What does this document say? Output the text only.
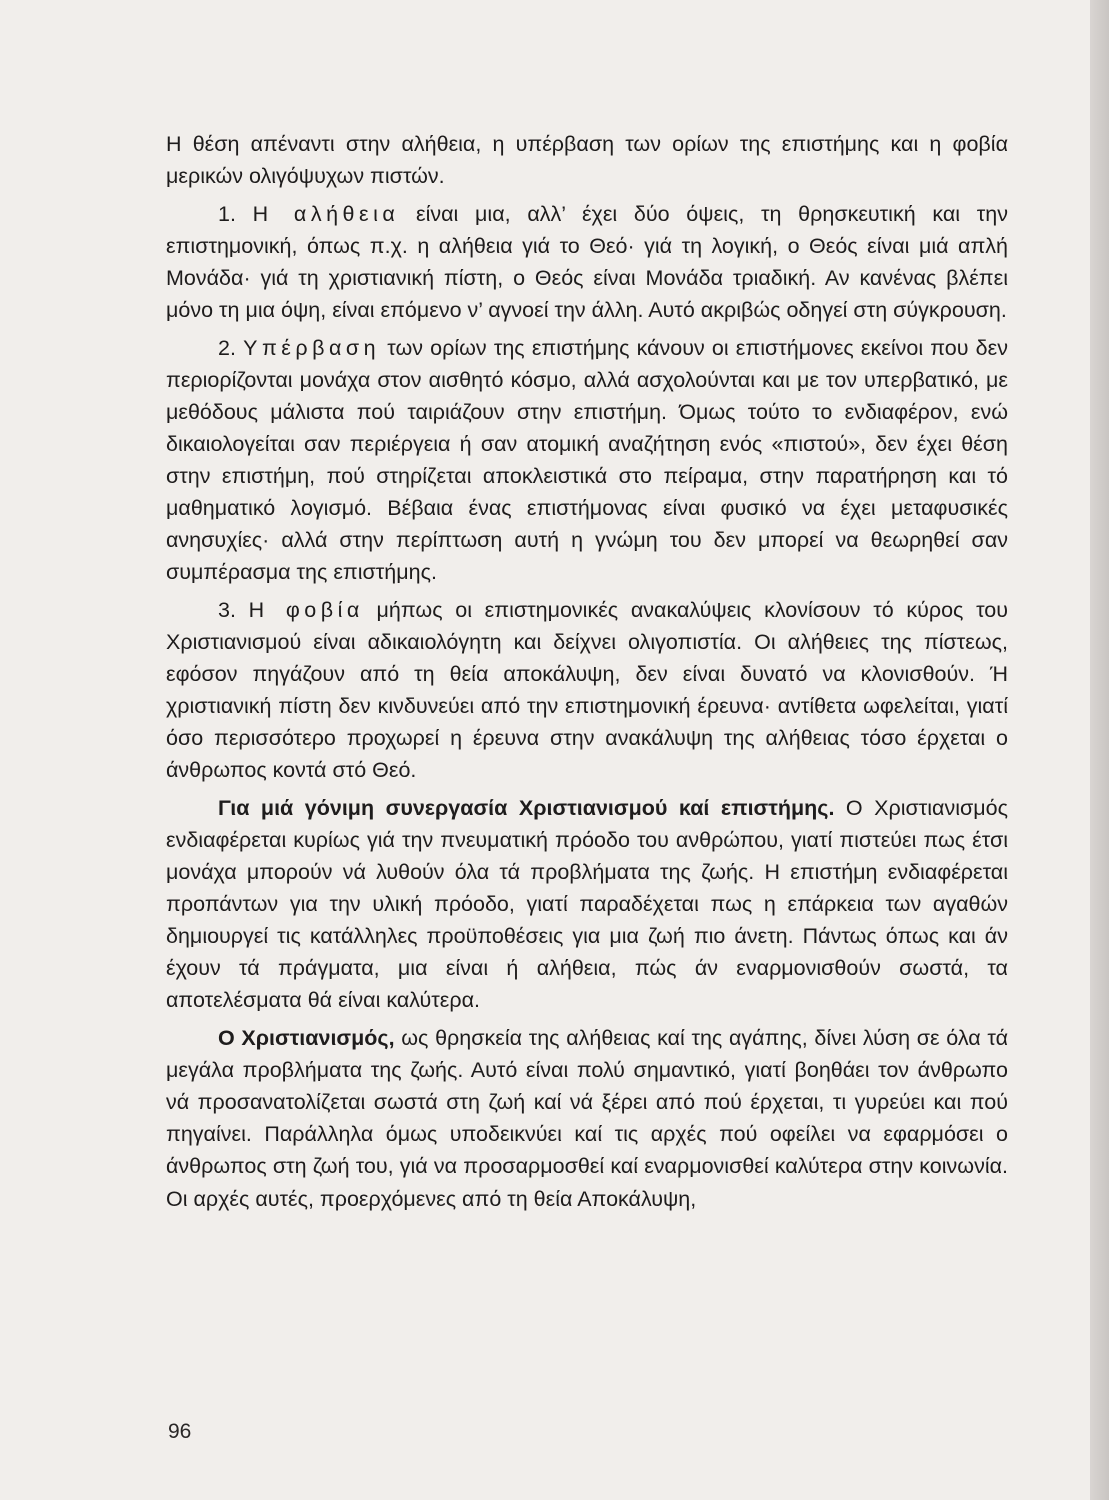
Η θέση απέναντι στην αλήθεια, η υπέρβαση των ορίων της επιστήμης και η φοβία μερικών ολιγόψυχων πιστών.

1. Η αλήθεια είναι μια, αλλ’ έχει δύο όψεις, τη θρησκευτική και την επιστημονική, όπως π.χ. η αλήθεια γιά το Θεό· γιά τη λογική, ο Θεός είναι μιά απλή Μονάδα· γιά τη χριστιανική πίστη, ο Θεός είναι Μονάδα τριαδική. Αν κανένας βλέπει μόνο τη μια όψη, είναι επόμενο ν’ αγνοεί την άλλη. Αυτό ακριβώς οδηγεί στη σύγκρουση.

2. Υπέρβαση των ορίων της επιστήμης κάνουν οι επιστήμονες εκείνοι που δεν περιορίζονται μονάχα στον αισθητό κόσμο, αλλά ασχολούνται και με τον υπερβατικό, με μεθόδους μάλιστα πού ταιριάζουν στην επιστήμη. Όμως τούτο το ενδιαφέρον, ενώ δικαιολογείται σαν περιέργεια ή σαν ατομική αναζήτηση ενός «πιστού», δεν έχει θέση στην επιστήμη, πού στηρίζεται αποκλειστικά στο πείραμα, στην παρατήρηση και τό μαθηματικό λογισμό. Βέβαια ένας επιστήμονας είναι φυσικό να έχει μεταφυσικές ανησυχίες· αλλά στην περίπτωση αυτή η γνώμη του δεν μπορεί να θεωρηθεί σαν συμπέρασμα της επιστήμης.

3. Η φοβία μήπως οι επιστημονικές ανακαλύψεις κλονίσουν τό κύρος του Χριστιανισμού είναι αδικαιολόγητη και δείχνει ολιγοπιστία. Οι αλήθειες της πίστεως, εφόσον πηγάζουν από τη θεία αποκάλυψη, δεν είναι δυνατό να κλονισθούν. Ή χριστιανική πίστη δεν κινδυνεύει από την επιστημονική έρευνα· αντίθετα ωφελείται, γιατί όσο περισσότερο προχωρεί η έρευνα στην ανακάλυψη της αλήθειας τόσο έρχεται ο άνθρωπος κοντά στό Θεό.

Για μιά γόνιμη συνεργασία Χριστιανισμού καί επιστήμης. Ο Χριστιανισμός ενδιαφέρεται κυρίως γιά την πνευματική πρόοδο του ανθρώπου, γιατί πιστεύει πως έτσι μονάχα μπορούν νά λυθούν όλα τά προβλήματα της ζωής. Η επιστήμη ενδιαφέρεται προπάντων για την υλική πρόοδο, γιατί παραδέχεται πως η επάρκεια των αγαθών δημιουργεί τις κατάλληλες προϋποθέσεις για μια ζωή πιο άνετη. Πάντως όπως και άν έχουν τά πράγματα, μια είναι ή αλήθεια, πώς άν εναρμονισθούν σωστά, τα αποτελέσματα θά είναι καλύτερα.

Ο Χριστιανισμός, ως θρησκεία της αλήθειας καί της αγάπης, δίνει λύση σε όλα τά μεγάλα προβλήματα της ζωής. Αυτό είναι πολύ σημαντικό, γιατί βοηθάει τον άνθρωπο νά προσανατολίζεται σωστά στη ζωή καί νά ξέρει από πού έρχεται, τι γυρεύει και πού πηγαίνει. Παράλληλα όμως υποδεικνύει καί τις αρχές πού οφείλει να εφαρμόσει ο άνθρωπος στη ζωή του, γιά να προσαρμοσθεί καί εναρμονισθεί καλύτερα στην κοινωνία. Οι αρχές αυτές, προερχόμενες από τη θεία Αποκάλυψη,

96
